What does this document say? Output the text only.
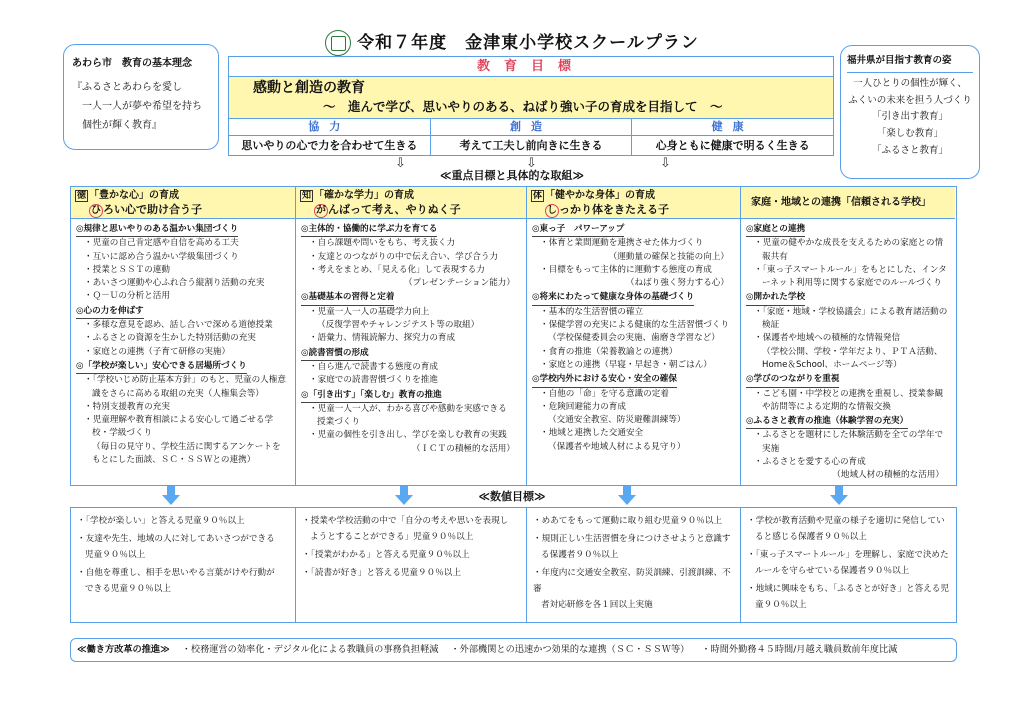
令和７年度　金津東小学校スクールプラン
あわら市　教育の基本理念
『ふるさとあわらを愛し
一人一人が夢や希望を持ち
個性が輝く教育』
福井県が目指す教育の姿
一人ひとりの個性が輝く、
ふくいの未来を担う人づくり
「引き出す教育」
「楽しむ教育」
「ふるさと教育」
教育目標
感動と創造の教育
～　進んで学び、思いやりのある、ねばり強い子の育成を目指して　～
協力
思いやりの心で力を合わせて生きる
創造
考えて工夫し前向きに生きる
健康
心身ともに健康で明るく生きる
⇩	⇩	⇩
≪重点目標と具体的な取組≫
徳 「豊かな心」の育成
ひ ろい心で助け合う子
◎規律と思いやりのある温かい集団づくり
・児童の自己肯定感や自信を高める工夫
・互いに認め合う温かい学級集団づくり
・授業とＳＳＴの連動
・あいさつ運動や心ふれ合う縦割り活動の充実
・Ｑ－Ｕの分析と活用
◎心の力を伸ばす
・多様な意見を認め、話し合いで深める道徳授業
・ふるさとの資源を生かした特別活動の充実
・家庭との連携（子育て研修の実施）
◎「学校が楽しい」安心できる居場所づくり
・「学校いじめ防止基本方針」のもと、児童の人権意
識をさらに高める取組の充実（人権集会等）
・特別支援教育の充実
・児童理解や教育相談による安心して過ごせる学
校・学級づくり
（毎日の見守り、学校生活に関するアンケートを
もとにした面談、ＳＣ・ＳＳＷとの連携）
知 「確かな学力」の育成
が んばって考え、やりぬく子
◎主体的・協働的に学ぶ力を育てる
・自ら課題や問いをもち、考え抜く力
・友達とのつながりの中で伝え合い、学び合う力
・考えをまとめ、「見える化」して表現する力
（プレゼンテーション能力）
◎基礎基本の習得と定着
・児童一人一人の基礎学力向上
（反復学習やチャレンジテスト等の取組）
・語彙力、情報読解力、探究力の育成
◎読書習慣の形成
・自ら進んで読書する態度の育成
・家庭での読書習慣づくりを推進
◎「引き出す」「楽しむ」教育の推進
・児童一人一人が、わかる喜びや感動を実感できる
授業づくり
・児童の個性を引き出し、学びを楽しむ教育の実践
（ＩＣＴの積極的な活用）
体 「健やかな身体」の育成
し っかり体をきたえる子
◎東っ子　パワーアップ
・体育と業間運動を連携させた体力づくり
（運動量の確保と技能の向上）
・目標をもって主体的に運動する態度の育成
（ねばり強く努力する心）
◎将来にわたって健康な身体の基礎づくり
・基本的な生活習慣の確立
・保健学習の充実による健康的な生活習慣づくり
（学校保健委員会の実施、歯磨き学習など）
・食育の推進（栄養教諭との連携）
・家庭との連携（早寝・早起き・朝ごはん）
◎学校内外における安心・安全の確保
・自他の「命」を守る意識の定着
・危険回避能力の育成
（交通安全教室、防災避難訓練等）
・地域と連携した交通安全
（保護者や地域人材による見守り）
家庭・地域との連携「信頼される学校」
◎家庭との連携
・児童の健やかな成長を支えるための家庭との情
報共有
・「東っ子スマートルール」をもとにした、インタ
ーネット利用等に関する家庭でのルールづくり
◎開かれた学校
・「家庭・地域・学校協議会」による教育諸活動の
検証
・保護者や地域への積極的な情報発信
（学校公開、学校・学年だより、ＰＴＡ活動、
Home＆School、ホームページ等）
◎学びのつながりを重視
・こども園・中学校との連携を重視し、授業参観
や訪問等による定期的な情報交換
◎ふるさと教育の推進（体験学習の充実）
・ふるさとを題材にした体験活動を全ての学年で
実施
・ふるさとを愛する心の育成
（地域人材の積極的な活用）
≪数値目標≫
・「学校が楽しい」と答える児童９０％以上
・友達や先生、地域の人に対してあいさつができる
児童９０％以上
・自他を尊重し、相手を思いやる言葉がけや行動が
できる児童９０％以上
・授業や学校活動の中で「自分の考えや思いを表現し
ようとすることができる」児童９０％以上
・「授業がわかる」と答える児童９０％以上
・「読書が好き」と答える児童９０％以上
・めあてをもって運動に取り組む児童９０％以上
・規則正しい生活習慣を身につけさせようと意識す
る保護者９０％以上
・年度内に交通安全教室、防災訓練、引渡訓練、不審
者対応研修を各１回以上実施
・学校が教育活動や児童の様子を適切に発信してい
ると感じる保護者９０％以上
・「東っ子スマートルール」を理解し、家庭で決めた
ルールを守らせている保護者９０％以上
・地域に興味をもち、「ふるさとが好き」と答える児
童９０％以上
≪働き方改革の推進≫ ・校務運営の効率化・デジタル化による教職員の事務負担軽減 ・外部機関との迅速かつ効果的な連携（ＳＣ・ＳＳＷ等） ・時間外勤務４５時間/月越え職員数前年度比減
